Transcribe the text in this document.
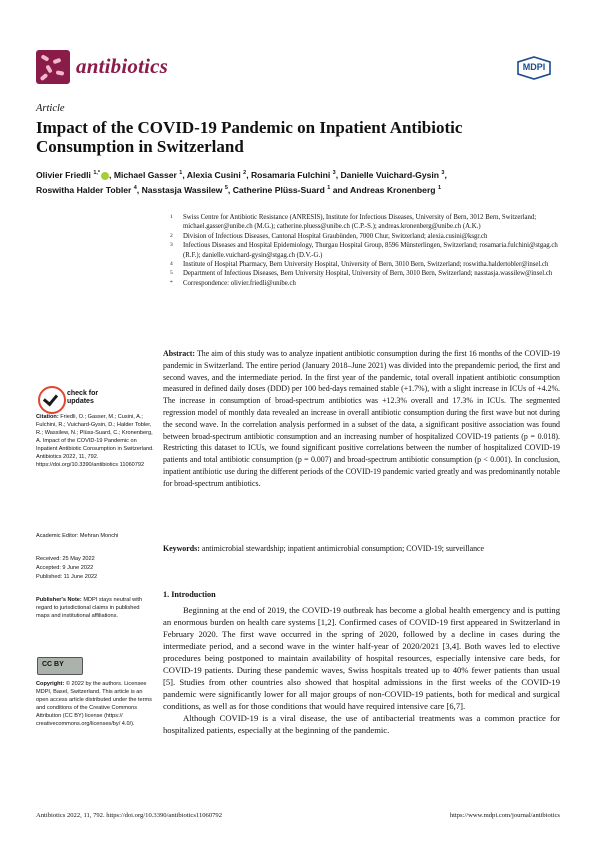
antibiotics	MDPI
Article
Impact of the COVID-19 Pandemic on Inpatient Antibiotic Consumption in Switzerland
Olivier Friedli $^{1,*}$ , Michael Gasser $^1$, Alexia Cusini $^2$, Rosamaria Fulchini $^3$, Danielle Vuichard-Gysin $^3$,
Roswitha Halder Tobler $^4$, Nasstasja Wassilew $^5$, Catherine Plüss-Suard $^1$ and Andreas Kronenberg $^1$
1	Swiss Centre for Antibiotic Resistance (ANRESIS), Institute for Infectious Diseases, University of Bern, 3012 Bern, Switzerland; michael.gasser@unibe.ch (M.G.); catherine.pluess@unibe.ch (C.P.-S.); andreas.kronenberg@unibe.ch (A.K.)
2	Division of Infectious Diseases, Cantonal Hospital Graubünden, 7000 Chur, Switzerland; alexia.cusini@ksgr.ch
3	Infectious Diseases and Hospital Epidemiology, Thurgau Hospital Group, 8596 Münsterlingen, Switzerland; rosamaria.fulchini@stgag.ch (R.F.); danielle.vuichard-gysin@stgag.ch (D.V.-G.)
4	Institute of Hospital Pharmacy, Bern University Hospital, University of Bern, 3010 Bern, Switzerland; roswitha.haldertobler@insel.ch
5	Department of Infectious Diseases, Bern University Hospital, University of Bern, 3010 Bern, Switzerland; nasstasja.wassilew@insel.ch
*	Correspondence: olivier.friedli@unibe.ch
Abstract: The aim of this study was to analyze inpatient antibiotic consumption during the first 16 months of the COVID-19 pandemic in Switzerland. The entire period (January 2018–June 2021) was divided into the prepandemic period, the first and second waves, and the intermediate period. In the first year of the pandemic, total overall inpatient antibiotic consumption measured in defined daily doses (DDD) per 100 bed-days remained stable (+1.7%), with a slight increase in ICUs of +4.2%. The increase in consumption of broad-spectrum antibiotics was +12.3% overall and 17.3% in ICUs. The segmented regression model of monthly data revealed an increase in overall antibiotic consumption during the first wave but not during the second wave. In the correlation analysis performed in a subset of the data, a significant positive association was found between broad-spectrum antibiotic consumption and an increasing number of hospitalized COVID-19 patients (p = 0.018). Restricting this dataset to ICUs, we found significant positive correlations between the number of hospitalized COVID-19 patients and total antibiotic consumption (p = 0.007) and broad-spectrum antibiotic consumption (p < 0.001). In conclusion, inpatient antibiotic use during the different periods of the COVID-19 pandemic varied greatly and was predominantly notable for broad-spectrum antibiotics.
Keywords: antimicrobial stewardship; inpatient antimicrobial consumption; COVID-19; surveillance
check for
updates
Citation: Friedli, O.; Gasser, M.; Cusini, A.; Fulchini, R.; Vuichard-Gysin, D.; Halder Tobler, R.; Wassilew, N.; Plüss-Suard, C.; Kronenberg, A. Impact of the COVID-19 Pandemic on Inpatient Antibiotic Consumption in Switzerland. Antibiotics 2022, 11, 792. https://doi.org/10.3390/antibiotics 11060792
Academic Editor: Mehran Monchi
Received: 25 May 2022
Accepted: 9 June 2022
Published: 11 June 2022
Publisher's Note: MDPI stays neutral with regard to jurisdictional claims in published maps and institutional affiliations.
CC BY
Copyright: © 2022 by the authors. Licensee MDPI, Basel, Switzerland. This article is an open access article distributed under the terms and conditions of the Creative Commons Attribution (CC BY) license (https:// creativecommons.org/licenses/by/ 4.0/).
1. Introduction

Beginning at the end of 2019, the COVID-19 outbreak has become a global health emergency and is putting an enormous burden on health care systems [1,2]. Confirmed cases of COVID-19 first appeared in Switzerland in February 2020. The first wave occurred in the spring of 2020, followed by a decline in cases during the intermediate period, and a second wave in the winter half-year of 2020/2021 [3,4]. Both waves led to elective procedures being postponed to maintain availability of hospital resources, especially intensive care beds, for COVID-19 patients. During these pandemic waves, Swiss hospitals treated up to 40% fewer patients than usual [5]. Studies from other countries also showed that hospital admissions in the first weeks of the COVID-19 pandemic were significantly lower for all major groups of non-COVID-19 patients, both for medical and surgical conditions, as well as for those conditions that would have required intensive care [6,7].

Although COVID-19 is a viral disease, the use of antibacterial treatments was a common practice for hospitalized patients, especially at the beginning of the pandemic.

Antibiotics 2022, 11, 792. https://doi.org/10.3390/antibiotics11060792	https://www.mdpi.com/journal/antibiotics
